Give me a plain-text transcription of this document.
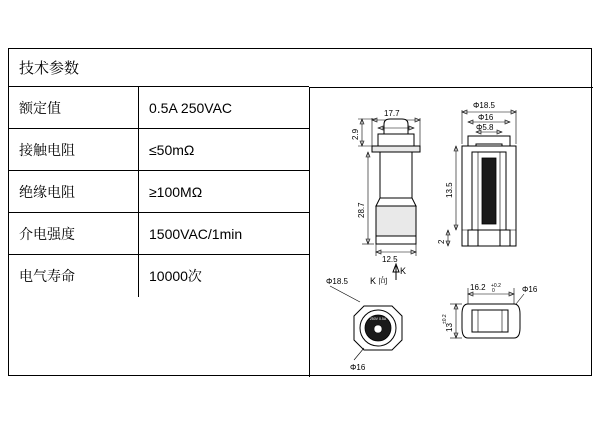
技术参数
额定值	0.5A 250VAC
接触电阻	≤50mΩ
绝缘电阻	≥100MΩ
介电强度	1500VAC/1min
电气寿命	10000次
17.7
2.9
28.7
12.5
K
Φ18.5
Φ16
Φ5.8
13.5
2
Φ18.5 K 向
250V 0.5A
Φ16
16.2 +0.2
0	Φ16
13
±0.2
